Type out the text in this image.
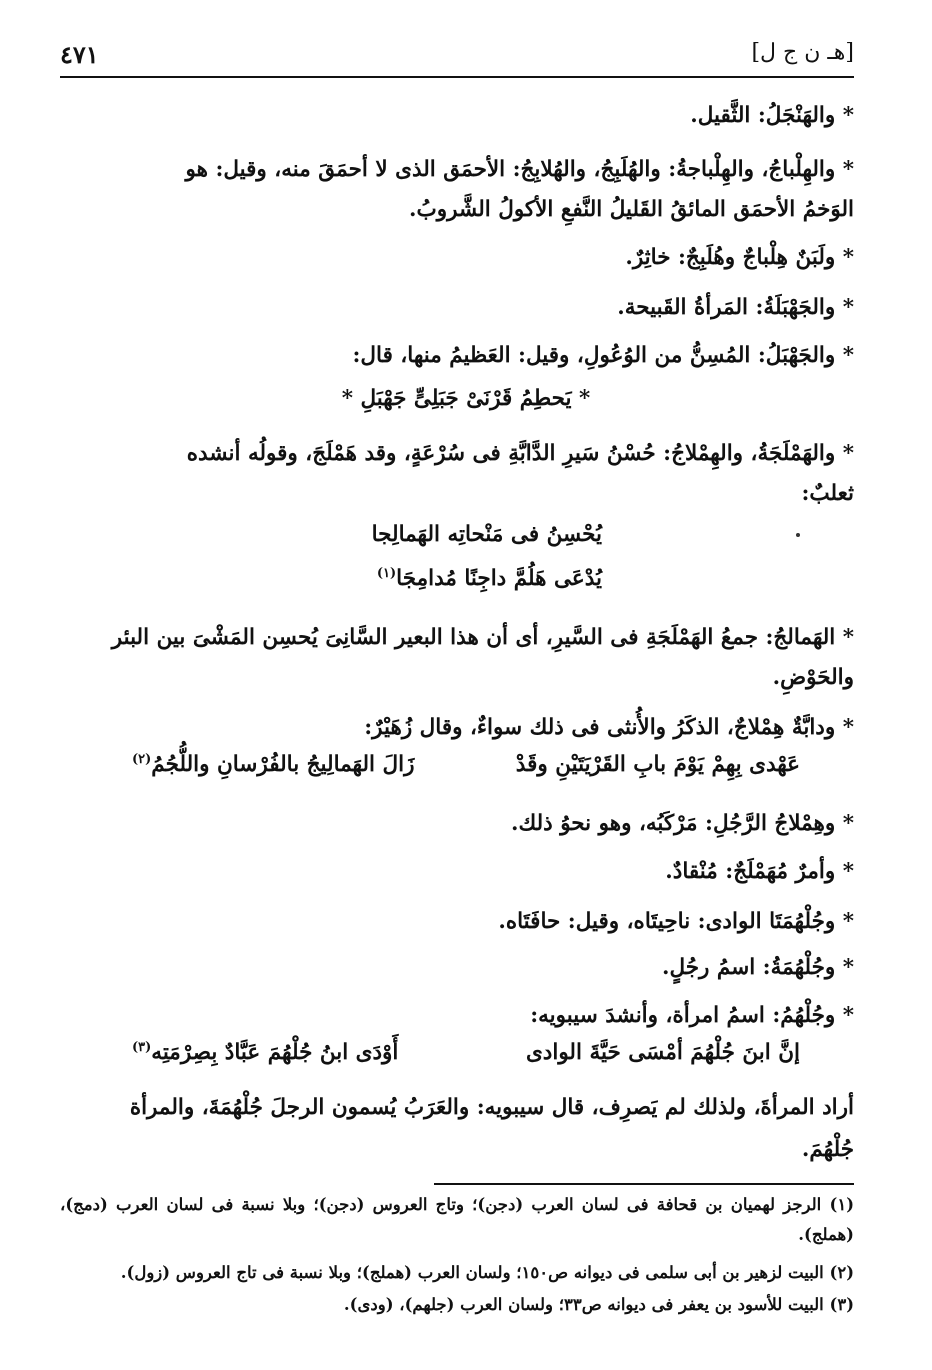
[هـ ن ج ل]
٤٧١
* والهَنْجَلُ: الثَّقيل.
* والهِلْباجُ، والهِلْباجةُ: والهُلَبِجُ، والهُلابِجُ: الأحمَق الذى لا أحمَقَ منه، وقيل: هو
الوَخمُ الأحمَق المائقُ القَليلُ النَّفعِ الأكولُ الشَّروبُ.
* ولَبَنٌ هِلْباجٌ وهُلَبِجٌ: خاثِرٌ.
* والجَهْبَلَةُ: المَرأةُ القَبيحة.
* والجَهْبَلُ: المُسِنُّ من الوُعُولِ، وقيل: العَظيمُ منها، قال:
* يَحطِمُ قَرْنَىْ جَبَلِىٍّ جَهْبَلِ *
* والهَمْلَجَةُ، والهِمْلاجُ: حُسْنُ سَيرِ الدَّابَّةِ فى سُرْعَةٍ، وقد هَمْلَجَ، وقولُه أنشده
ثعلبٌ:
يُحْسِنُ فى مَنْحاتِه الهَمالِجا
يُدْعَى هَلُمَّ داجِنًا مُدامِجَا$^{(١)}$
* الهَمالجُ: جمعُ الهَمْلَجَةِ فى السَّيرِ، أى أن هذا البعير السَّانِىَ يُحسِن المَشْىَ بين البئر
والحَوْضِ.
* ودابَّةٌ هِمْلاجٌ، الذكَرُ والأُنثى فى ذلك سواءٌ، وقال زُهَيْرٌ:
عَهْدى بِهِمْ يَوْمَ بابِ القَرْيَتَيْنِ وقَدْ
زَالَ الهَمالِيجُ بالفُرْسانِ واللُّجُمُ$^{(٢)}$
* وهِمْلاجُ الرَّجُلِ: مَرْكَبُه، وهو نحوُ ذلك.
* وأمرٌ مُهَمْلَجٌ: مُنْقادٌ.
* وجُلْهُمَتَا الوادى: ناحِيتَاه، وقيل: حافَتَاه.
* وجُلْهُمَةُ: اسمُ رجُلٍ.
* وجُلْهُمُ: اسمُ امرأة، وأنشدَ سيبويه:
إنَّ ابنَ جُلْهُمَ أمْسَى حَيَّةَ الوادى
أَوْدَى ابنُ جُلْهُمَ عَبَّادٌ بِصِرْمَتِه$^{(٣)}$
أراد المرأةَ، ولذلك لم يَصرِف، قال سيبويه: والعَرَبُ يُسمون الرجلَ جُلْهُمَةَ، والمرأة
جُلْهُمَ.
(١) الرجز لهميان بن قحافة فى لسان العرب (دجن)؛ وتاج العروس (دجن)؛ وبلا نسبة فى لسان العرب (دمج)، (هملج).
(٢) البيت لزهير بن أبى سلمى فى ديوانه ص١٥٠؛ ولسان العرب (هملج)؛ وبلا نسبة فى تاج العروس (زول).
(٣) البيت للأسود بن يعفر فى ديوانه ص٣٣؛ ولسان العرب (جلهم)، (ودى).
